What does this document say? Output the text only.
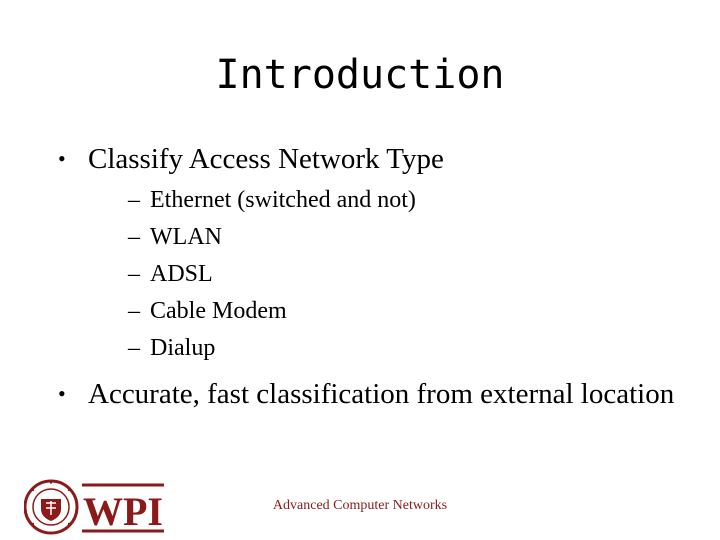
Introduction
• Classify Access Network Type
– Ethernet (switched and not)
– WLAN
– ADSL
– Cable Modem
– Dialup
• Accurate, fast classification from external location
WPI	Advanced Computer Networks
